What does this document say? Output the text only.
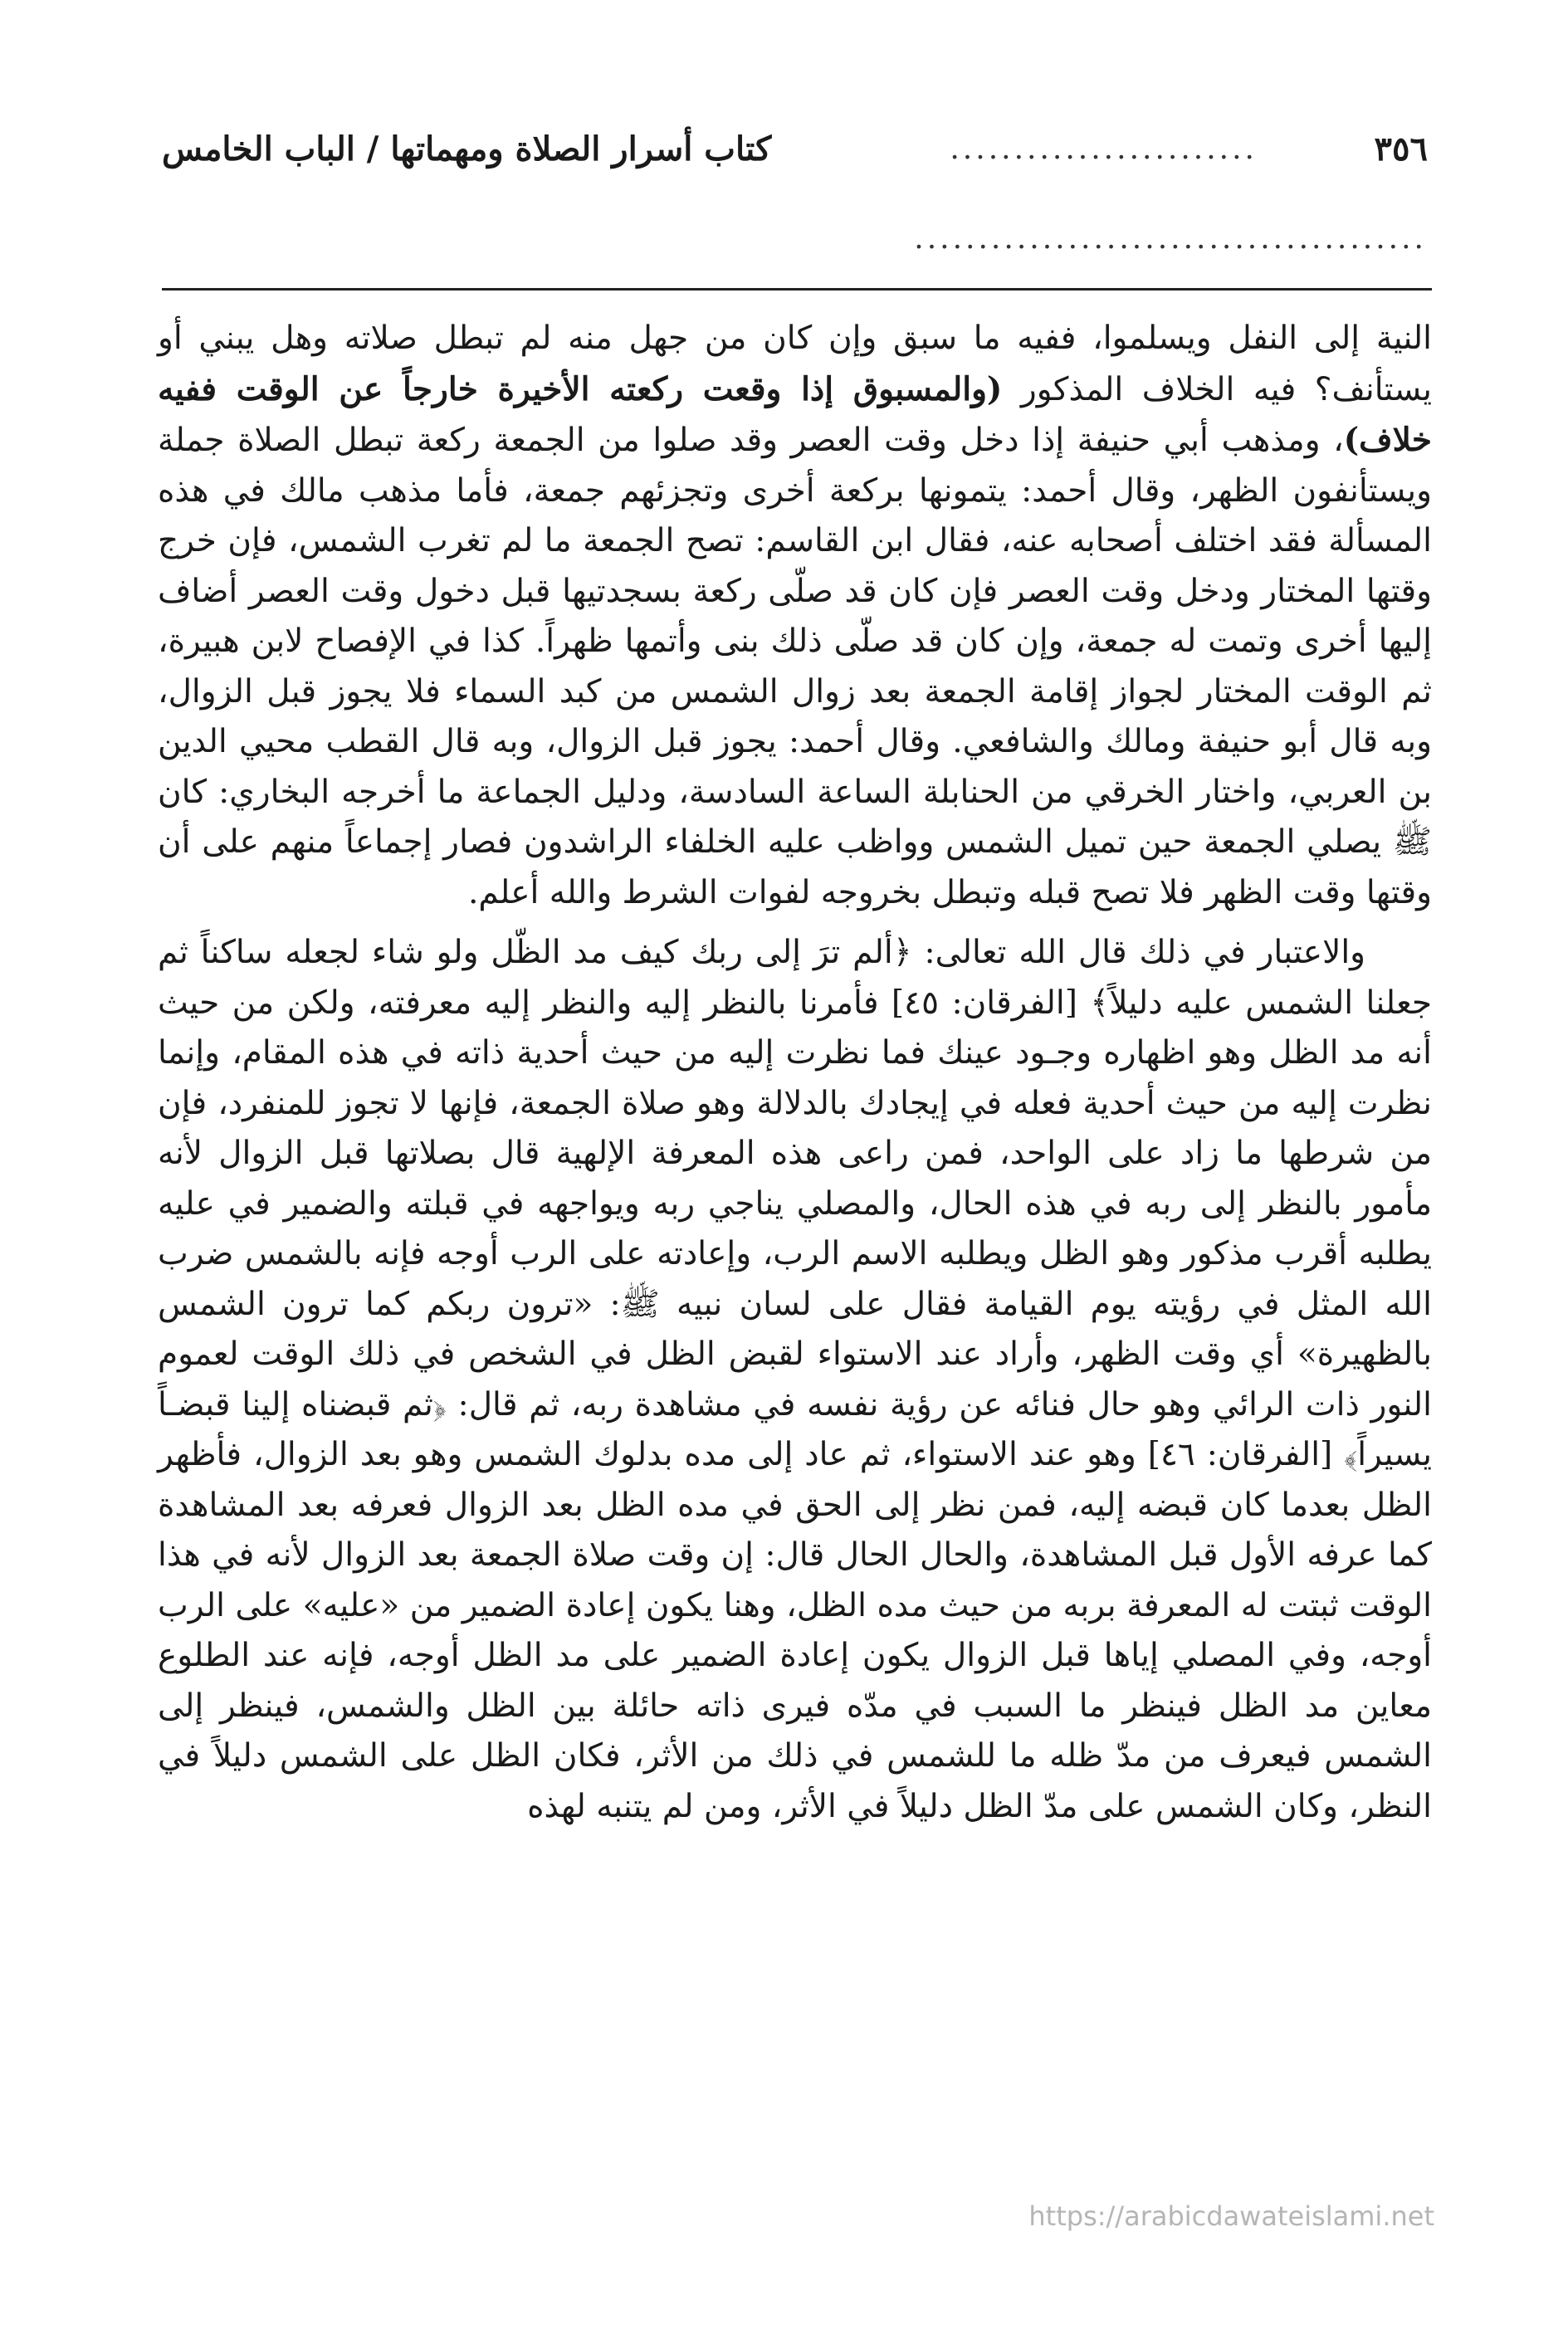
٣٥٦
........................
كتاب أسرار الصلاة ومهماتها / الباب الخامس
........................................

النية إلى النفل ويسلموا، ففيه ما سبق وإن كان من جهل منه لم تبطل صلاته وهل يبني أو يستأنف؟ فيه الخلاف المذكور (والمسبوق إذا وقعت ركعته الأخيرة خارجاً عن الوقت ففيه خلاف)، ومذهب أبي حنيفة إذا دخل وقت العصر وقد صلوا من الجمعة ركعة تبطل الصلاة جملة ويستأنفون الظهر، وقال أحمد: يتمونها بركعة أخرى وتجزئهم جمعة، فأما مذهب مالك في هذه المسألة فقد اختلف أصحابه عنه، فقال ابن القاسم: تصح الجمعة ما لم تغرب الشمس، فإن خرج وقتها المختار ودخل وقت العصر فإن كان قد صلّى ركعة بسجدتيها قبل دخول وقت العصر أضاف إليها أخرى وتمت له جمعة، وإن كان قد صلّى ذلك بنى وأتمها ظهراً. كذا في الإفصاح لابن هبيرة، ثم الوقت المختار لجواز إقامة الجمعة بعد زوال الشمس من كبد السماء فلا يجوز قبل الزوال، وبه قال أبو حنيفة ومالك والشافعي. وقال أحمد: يجوز قبل الزوال، وبه قال القطب محيي الدين بن العربي، واختار الخرقي من الحنابلة الساعة السادسة، ودليل الجماعة ما أخرجه البخاري: كان ﷺ يصلي الجمعة حين تميل الشمس وواظب عليه الخلفاء الراشدون فصار إجماعاً منهم على أن وقتها وقت الظهر فلا تصح قبله وتبطل بخروجه لفوات الشرط والله أعلم.

والاعتبار في ذلك قال الله تعالى: ﴿ألم ترَ إلى ربك كيف مد الظّل ولو شاء لجعله ساكناً ثم جعلنا الشمس عليه دليلاً﴾ [الفرقان: ٤٥] فأمرنا بالنظر إليه والنظر إليه معرفته، ولكن من حيث أنه مد الظل وهو اظهاره وجـود عينك فما نظرت إليه من حيث أحدية ذاته في هذه المقام، وإنما نظرت إليه من حيث أحدية فعله في إيجادك بالدلالة وهو صلاة الجمعة، فإنها لا تجوز للمنفرد، فإن من شرطها ما زاد على الواحد، فمن راعى هذه المعرفة الإلهية قال بصلاتها قبل الزوال لأنه مأمور بالنظر إلى ربه في هذه الحال، والمصلي يناجي ربه ويواجهه في قبلته والضمير في عليه يطلبه أقرب مذكور وهو الظل ويطلبه الاسم الرب، وإعادته على الرب أوجه فإنه بالشمس ضرب الله المثل في رؤيته يوم القيامة فقال على لسان نبيه ﷺ: «ترون ربكم كما ترون الشمس بالظهيرة» أي وقت الظهر، وأراد عند الاستواء لقبض الظل في الشخص في ذلك الوقت لعموم النور ذات الرائي وهو حال فنائه عن رؤية نفسه في مشاهدة ربه، ثم قال: ﴿ثم قبضناه إلينا قبضـاً يسيراً﴾ [الفرقان: ٤٦] وهو عند الاستواء، ثم عاد إلى مده بدلوك الشمس وهو بعد الزوال، فأظهر الظل بعدما كان قبضه إليه، فمن نظر إلى الحق في مده الظل بعد الزوال فعرفه بعد المشاهدة كما عرفه الأول قبل المشاهدة، والحال الحال قال: إن وقت صلاة الجمعة بعد الزوال لأنه في هذا الوقت ثبتت له المعرفة بربه من حيث مده الظل، وهنا يكون إعادة الضمير من «عليه» على الرب أوجه، وفي المصلي إياها قبل الزوال يكون إعادة الضمير على مد الظل أوجه، فإنه عند الطلوع معاين مد الظل فينظر ما السبب في مدّه فيرى ذاته حائلة بين الظل والشمس، فينظر إلى الشمس فيعرف من مدّ ظله ما للشمس في ذلك من الأثر، فكان الظل على الشمس دليلاً في النظر، وكان الشمس على مدّ الظل دليلاً في الأثر، ومن لم يتنبه لهذه

https://arabicdawateislami.net
